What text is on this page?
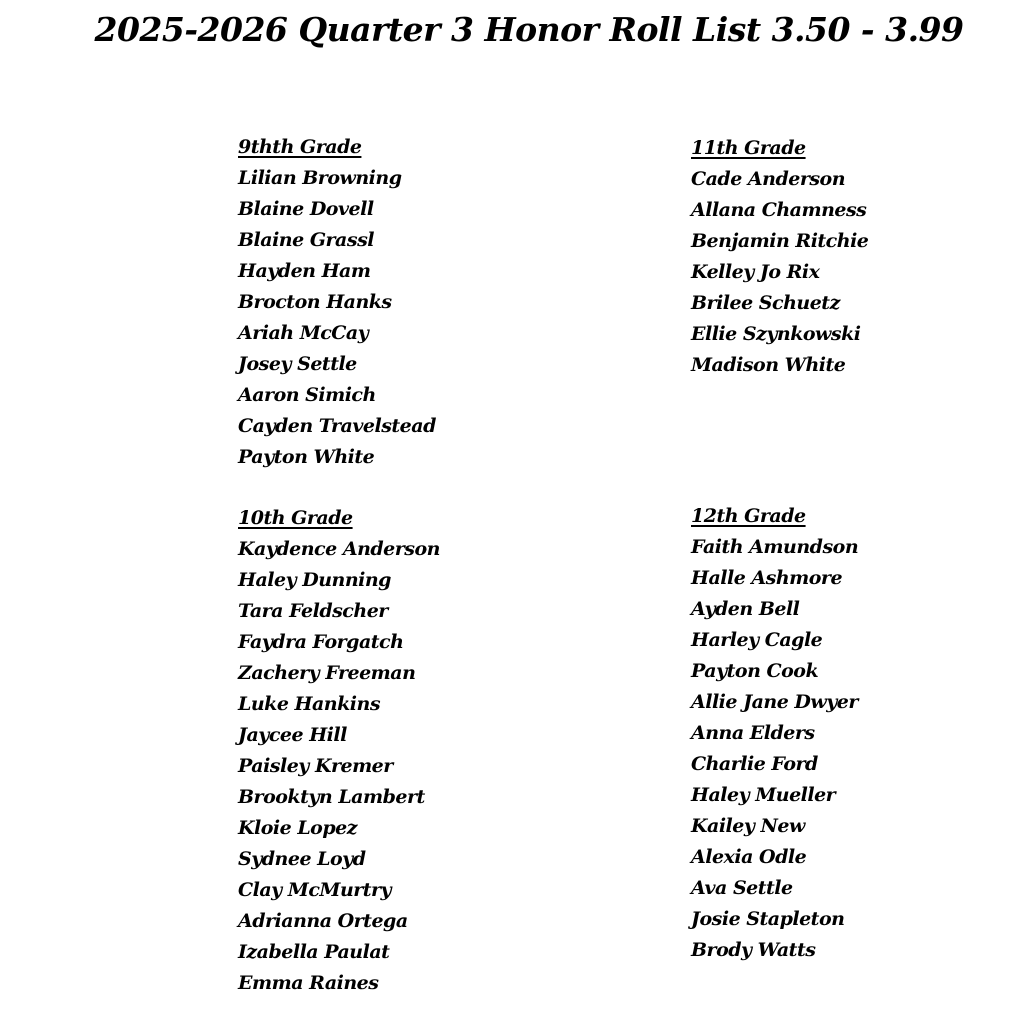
2025-2026 Quarter 3 Honor Roll List 3.50 - 3.99
9thth Grade
Lilian Browning
Blaine Dovell
Blaine Grassl
Hayden Ham
Brocton Hanks
Ariah McCay
Josey Settle
Aaron Simich
Cayden Travelstead
Payton White
11th Grade
Cade Anderson
Allana Chamness
Benjamin Ritchie
Kelley Jo Rix
Brilee Schuetz
Ellie Szynkowski
Madison White
10th Grade
Kaydence Anderson
Haley Dunning
Tara Feldscher
Faydra Forgatch
Zachery Freeman
Luke Hankins
Jaycee Hill
Paisley Kremer
Brooktyn Lambert
Kloie Lopez
Sydnee Loyd
Clay McMurtry
Adrianna Ortega
Izabella Paulat
Emma Raines
12th Grade
Faith Amundson
Halle Ashmore
Ayden Bell
Harley Cagle
Payton Cook
Allie Jane Dwyer
Anna Elders
Charlie Ford
Haley Mueller
Kailey New
Alexia Odle
Ava Settle
Josie Stapleton
Brody Watts
